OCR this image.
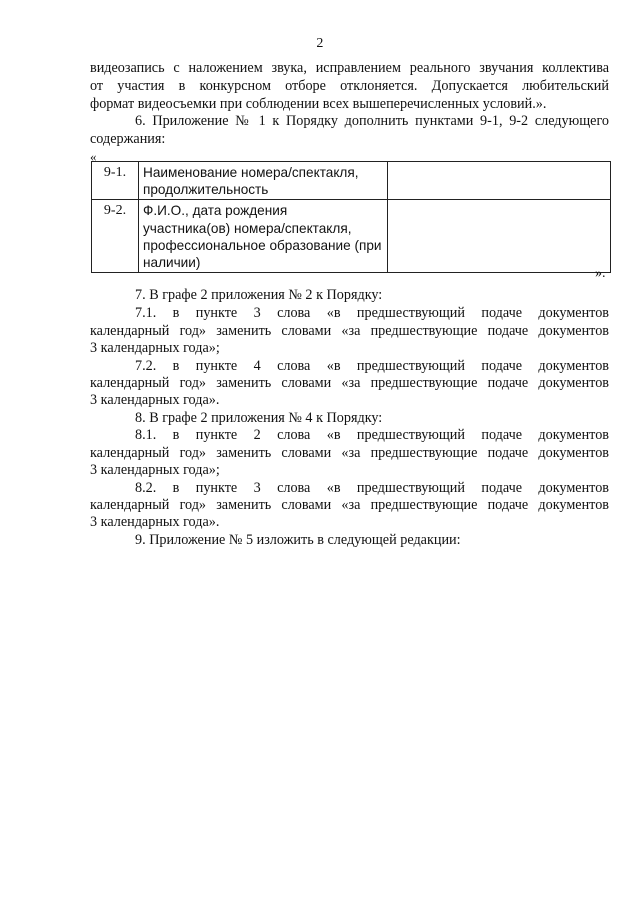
2
видеозапись с наложением звука, исправлением реального звучания коллектива
от участия в конкурсном отборе отклоняется. Допускается любительский
формат видеосъемки при соблюдении всех вышеперечисленных условий.».
6. Приложение № 1 к Порядку дополнить пунктами 9-1, 9-2 следующего
содержания:
«
9-1.	Наименование номера/спектакля,
продолжительность	

9-2.	Ф.И.О., дата рождения
участника(ов) номера/спектакля,
профессиональное образование (при
наличии)	

».
7. В графе 2 приложения № 2 к Порядку:
7.1. в пункте 3 слова «в предшествующий подаче документов
календарный год» заменить словами «за предшествующие подаче документов
3 календарных года»;
7.2. в пункте 4 слова «в предшествующий подаче документов
календарный год» заменить словами «за предшествующие подаче документов
3 календарных года».
8. В графе 2 приложения № 4 к Порядку:
8.1. в пункте 2 слова «в предшествующий подаче документов
календарный год» заменить словами «за предшествующие подаче документов
3 календарных года»;
8.2. в пункте 3 слова «в предшествующий подаче документов
календарный год» заменить словами «за предшествующие подаче документов
3 календарных года».
9. Приложение № 5 изложить в следующей редакции:
